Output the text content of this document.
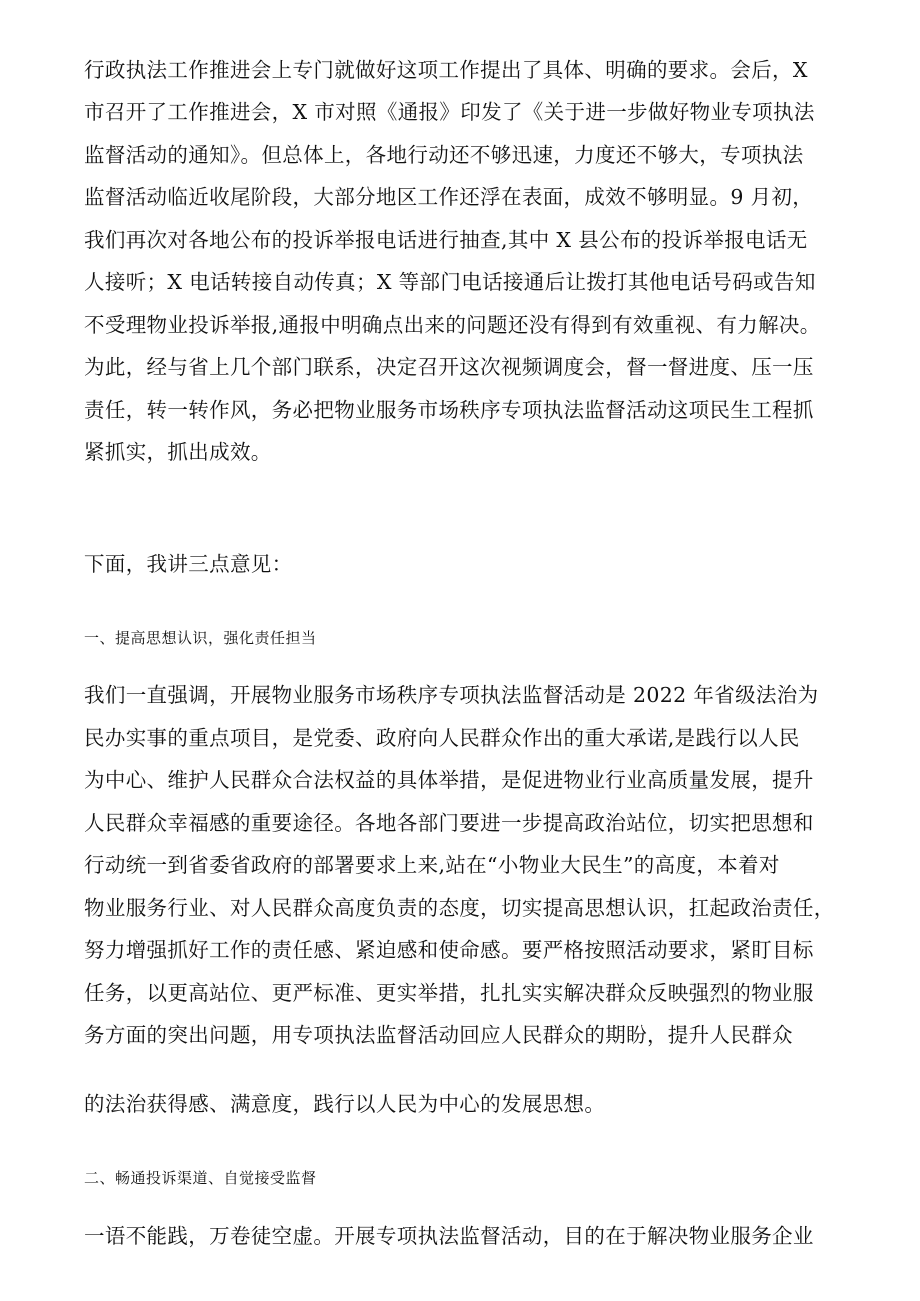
行政执法工作推进会上专门就做好这项工作提出了具体、明确的要求。会后，X
市召开了工作推进会，X 市对照《通报》印发了《关于进一步做好物业专项执法
监督活动的通知》。但总体上，各地行动还不够迅速，力度还不够大，专项执法
监督活动临近收尾阶段，大部分地区工作还浮在表面，成效不够明显。9 月初，
我们再次对各地公布的投诉举报电话进行抽查,其中 X 县公布的投诉举报电话无
人接听；X 电话转接自动传真；X 等部门电话接通后让拨打其他电话号码或告知
不受理物业投诉举报,通报中明确点出来的问题还没有得到有效重视、有力解决。
为此，经与省上几个部门联系，决定召开这次视频调度会，督一督进度、压一压
责任，转一转作风，务必把物业服务市场秩序专项执法监督活动这项民生工程抓
紧抓实，抓出成效。
下面，我讲三点意见：
一、提高思想认识，强化责任担当
我们一直强调，开展物业服务市场秩序专项执法监督活动是 2022 年省级法治为
民办实事的重点项目，是党委、政府向人民群众作出的重大承诺,是践行以人民
为中心、维护人民群众合法权益的具体举措，是促进物业行业高质量发展，提升
人民群众幸福感的重要途径。各地各部门要进一步提高政治站位，切实把思想和
行动统一到省委省政府的部署要求上来,站在“小物业大民生”的高度，本着对
物业服务行业、对人民群众高度负责的态度，切实提高思想认识，扛起政治责任，
努力增强抓好工作的责任感、紧迫感和使命感。要严格按照活动要求，紧盯目标
任务，以更高站位、更严标准、更实举措，扎扎实实解决群众反映强烈的物业服
务方面的突出问题，用专项执法监督活动回应人民群众的期盼，提升人民群众
的法治获得感、满意度，践行以人民为中心的发展思想。
二、畅通投诉渠道、自觉接受监督
一语不能践，万卷徒空虚。开展专项执法监督活动，目的在于解决物业服务企业
